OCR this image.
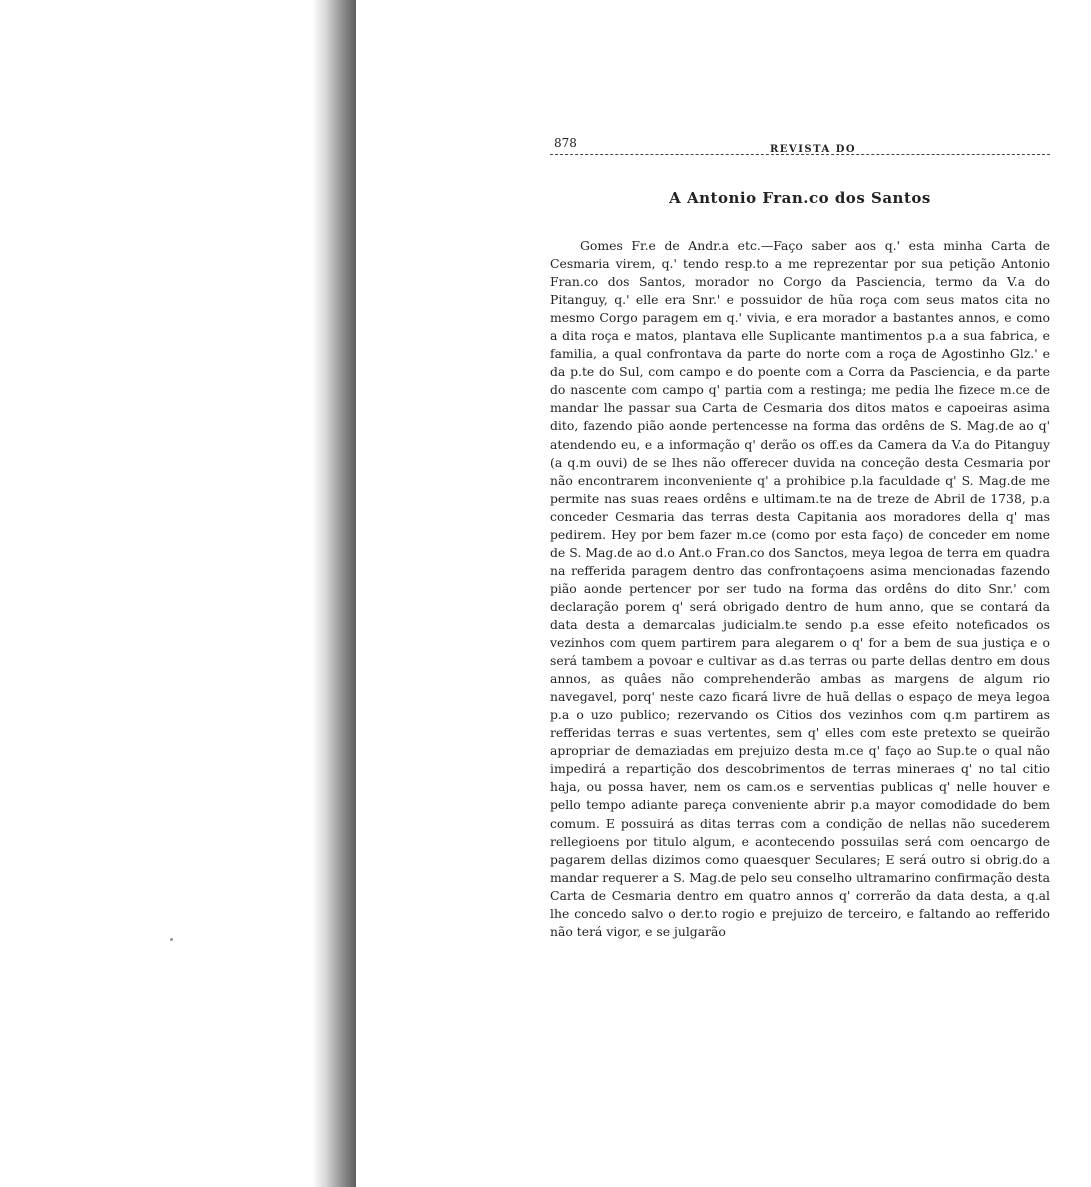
878	REVISTA DO
A Antonio Fran.co dos Santos

Gomes Fr.e de Andr.a etc.—Faço saber aos q.' esta minha Carta de Cesmaria virem, q.' tendo resp.to a me reprezentar por sua petição Antonio Fran.co dos Santos, morador no Corgo da Pasciencia, termo da V.a do Pitanguy, q.' elle era Snr.' e possuidor de hũa roça com seus matos cita no mesmo Corgo paragem em q.' vivia, e era morador a bastantes annos, e como a dita roça e matos, plantava elle Suplicante mantimentos p.a a sua fabrica, e familia, a qual confrontava da parte do norte com a roça de Agostinho Glz.' e da p.te do Sul, com campo e do poente com a Corra da Pasciencia, e da parte do nascente com campo q' partia com a restinga; me pedia lhe fizece m.ce de mandar lhe passar sua Carta de Cesmaria dos ditos matos e capoeiras asima dito, fazendo pião aonde pertencesse na forma das ordêns de S. Mag.de ao q' atendendo eu, e a informação q' derão os off.es da Camera da V.a do Pitanguy (a q.m ouvi) de se lhes não offerecer duvida na conceção desta Cesmaria por não encontrarem inconveniente q' a prohibice p.la faculdade q' S. Mag.de me permite nas suas reaes ordêns e ultimam.te na de treze de Abril de 1738, p.a conceder Cesmaria das terras desta Capitania aos moradores della q' mas pedirem. Hey por bem fazer m.ce (como por esta faço) de conceder em nome de S. Mag.de ao d.o Ant.o Fran.co dos Sanctos, meya legoa de terra em quadra na refferida paragem dentro das confrontaçoens asima mencionadas fazendo pião aonde pertencer por ser tudo na forma das ordêns do dito Snr.' com declaração porem q' será obrigado dentro de hum anno, que se contará da data desta a demarcalas judicialm.te sendo p.a esse efeito noteficados os vezinhos com quem partirem para alegarem o q' for a bem de sua justiça e o será tambem a povoar e cultivar as d.as terras ou parte dellas dentro em dous annos, as quâes não comprehenderão ambas as margens de algum rio navegavel, porq' neste cazo ficará livre de huã dellas o espaço de meya legoa p.a o uzo publico; rezervando os Citios dos vezinhos com q.m partirem as refferidas terras e suas vertentes, sem q' elles com este pretexto se queirão apropriar de demaziadas em prejuizo desta m.ce q' faço ao Sup.te o qual não impedirá a repartição dos descobrimentos de terras mineraes q' no tal citio haja, ou possa haver, nem os cam.os e serventias publicas q' nelle houver e pello tempo adiante pareça conveniente abrir p.a mayor comodidade do bem comum. E possuirá as ditas terras com a condição de nellas não sucederem rellegioens por titulo algum, e acontecendo possuilas será com oencargo de pagarem dellas dizimos como quaesquer Seculares; E será outro si obrig.do a mandar requerer a S. Mag.de pelo seu conselho ultramarino confirmação desta Carta de Cesmaria dentro em quatro annos q' correrão da data desta, a q.al lhe concedo salvo o der.to rogio e prejuizo de terceiro, e faltando ao refferido não terá vigor, e se julgarão
